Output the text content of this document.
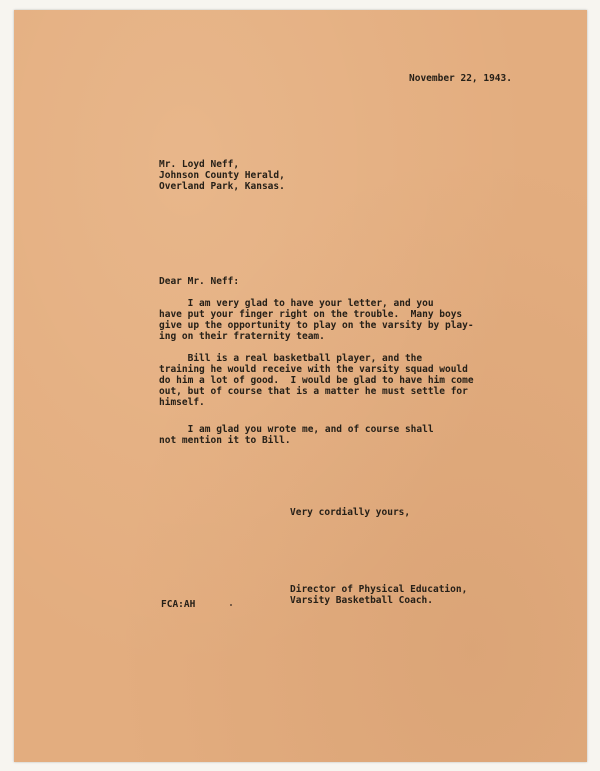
November 22, 1943.
Mr. Loyd Neff,
Johnson County Herald,
Overland Park, Kansas.
Dear Mr. Neff:
I am very glad to have your letter, and you
have put your finger right on the trouble.  Many boys
give up the opportunity to play on the varsity by play-
ing on their fraternity team.
Bill is a real basketball player, and the
training he would receive with the varsity squad would
do him a lot of good.  I would be glad to have him come
out, but of course that is a matter he must settle for
himself.
I am glad you wrote me, and of course shall
not mention it to Bill.
Very cordially yours,
Director of Physical Education,
Varsity Basketball Coach.
FCA:AH
